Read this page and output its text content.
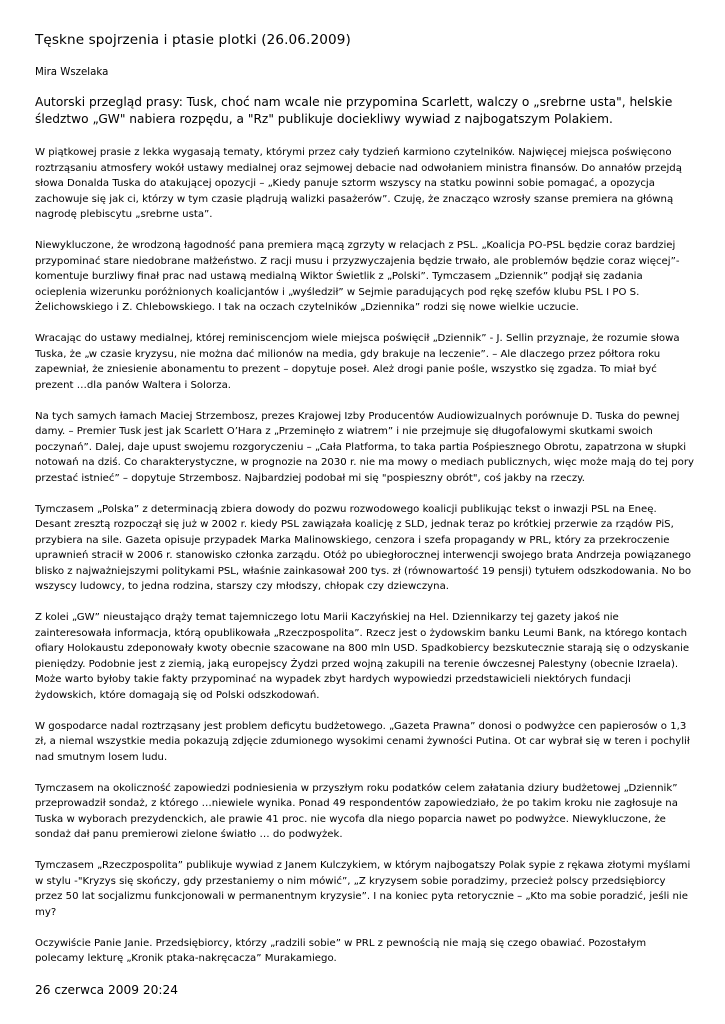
Tęskne spojrzenia i ptasie plotki (26.06.2009)
Mira Wszelaka

Autorski przegląd prasy: Tusk, choć nam wcale nie przypomina Scarlett, walczy o „srebrne usta", helskie śledztwo „GW" nabiera rozpędu, a "Rz" publikuje dociekliwy wywiad z najbogatszym Polakiem.

W piątkowej prasie z lekka wygasają tematy, którymi przez cały tydzień karmiono czytelników. Najwięcej miejsca poświęcono roztrząsaniu atmosfery wokół ustawy medialnej oraz sejmowej debacie nad odwołaniem ministra finansów. Do annałów przejdą słowa Donalda Tuska do atakującej opozycji – „Kiedy panuje sztorm wszyscy na statku powinni sobie pomagać, a opozycja zachowuje się jak ci, którzy w tym czasie plądrują walizki pasażerów”. Czuję, że znacząco wzrosły szanse premiera na główną nagrodę plebiscytu „srebrne usta”.

Niewykluczone, że wrodzoną łagodność pana premiera mącą zgrzyty w relacjach z PSL. „Koalicja PO-PSL będzie coraz bardziej przypominać stare niedobrane małżeństwo. Z racji musu i przyzwyczajenia będzie trwało, ale problemów będzie coraz więcej”- komentuje burzliwy finał prac nad ustawą medialną Wiktor Świetlik z „Polski”. Tymczasem „Dziennik” podjął się zadania ocieplenia wizerunku poróżnionych koalicjantów i „wyśledził” w Sejmie paradujących pod rękę szefów klubu PSL I PO S. Żelichowskiego i Z. Chlebowskiego. I tak na oczach czytelników „Dziennika” rodzi się nowe wielkie uczucie.

Wracając do ustawy medialnej, której reminiscencjom wiele miejsca poświęcił „Dziennik” - J. Sellin przyznaje, że rozumie słowa Tuska, że „w czasie kryzysu, nie można dać milionów na media, gdy brakuje na leczenie”. – Ale dlaczego przez półtora roku zapewniał, że zniesienie abonamentu to prezent – dopytuje poseł. Ależ drogi panie pośle, wszystko się zgadza. To miał być prezent …dla panów Waltera i Solorza.

Na tych samych łamach Maciej Strzembosz, prezes Krajowej Izby Producentów Audiowizualnych porównuje D. Tuska do pewnej damy. – Premier Tusk jest jak Scarlett O’Hara z „Przeminęło z wiatrem” i nie przejmuje się długofalowymi skutkami swoich poczynań”. Dalej, daje upust swojemu rozgoryczeniu – „Cała Platforma, to taka partia Pośpiesznego Obrotu, zapatrzona w słupki notowań na dziś. Co charakterystyczne, w prognozie na 2030 r. nie ma mowy o mediach publicznych, więc może mają do tej pory przestać istnieć” – dopytuje Strzembosz. Najbardziej podobał mi się "pospieszny obrót", coś jakby na rzeczy.

Tymczasem „Polska” z determinacją zbiera dowody do pozwu rozwodowego koalicji publikując tekst o inwazji PSL na Eneę. Desant zresztą rozpoczął się już w 2002 r. kiedy PSL zawiązała koalicję z SLD, jednak teraz po krótkiej przerwie za rządów PiS, przybiera na sile. Gazeta opisuje przypadek Marka Malinowskiego, cenzora i szefa propagandy w PRL, który za przekroczenie uprawnień stracił w 2006 r. stanowisko członka zarządu. Otóż po ubiegłorocznej interwencji swojego brata Andrzeja powiązanego blisko z najważniejszymi politykami PSL, właśnie zainkasował 200 tys. zł (równowartość 19 pensji) tytułem odszkodowania. No bo wszyscy ludowcy, to jedna rodzina, starszy czy młodszy, chłopak czy dziewczyna.

Z kolei „GW” nieustająco drąży temat tajemniczego lotu Marii Kaczyńskiej na Hel. Dziennikarzy tej gazety jakoś nie zainteresowała informacja, którą opublikowała „Rzeczpospolita”. Rzecz jest o żydowskim banku Leumi Bank, na którego kontach ofiary Holokaustu zdeponowały kwoty obecnie szacowane na 800 mln USD. Spadkobiercy bezskutecznie starają się o odzyskanie pieniędzy. Podobnie jest z ziemią, jaką europejscy Żydzi przed wojną zakupili na terenie ówczesnej Palestyny (obecnie Izraela). Może warto byłoby takie fakty przypominać na wypadek zbyt hardych wypowiedzi przedstawicieli niektórych fundacji żydowskich, które domagają się od Polski odszkodowań.

W gospodarce nadal roztrząsany jest problem deficytu budżetowego. „Gazeta Prawna” donosi o podwyżce cen papierosów o 1,3 zł, a niemal wszystkie media pokazują zdjęcie zdumionego wysokimi cenami żywności Putina. Ot car wybrał się w teren i pochylił nad smutnym losem ludu.

Tymczasem na okoliczność zapowiedzi podniesienia w przyszłym roku podatków celem załatania dziury budżetowej „Dziennik” przeprowadził sondaż, z którego …niewiele wynika. Ponad 49 respondentów zapowiedziało, że po takim kroku nie zagłosuje na Tuska w wyborach prezydenckich, ale prawie 41 proc. nie wycofa dla niego poparcia nawet po podwyżce. Niewykluczone, że sondaż dał panu premierowi zielone światło … do podwyżek.

Tymczasem „Rzeczpospolita” publikuje wywiad z Janem Kulczykiem, w którym najbogatszy Polak sypie z rękawa złotymi myślami w stylu -"Kryzys się skończy, gdy przestaniemy o nim mówić”, „Z kryzysem sobie poradzimy, przecież polscy przedsiębiorcy przez 50 lat socjalizmu funkcjonowali w permanentnym kryzysie”. I na koniec pyta retorycznie – „Kto ma sobie poradzić, jeśli nie my?

Oczywiście Panie Janie. Przedsiębiorcy, którzy „radzili sobie” w PRL z pewnością nie mają się czego obawiać. Pozostałym polecamy lekturę „Kronik ptaka-nakręcacza” Murakamiego.

26 czerwca 2009 20:24
